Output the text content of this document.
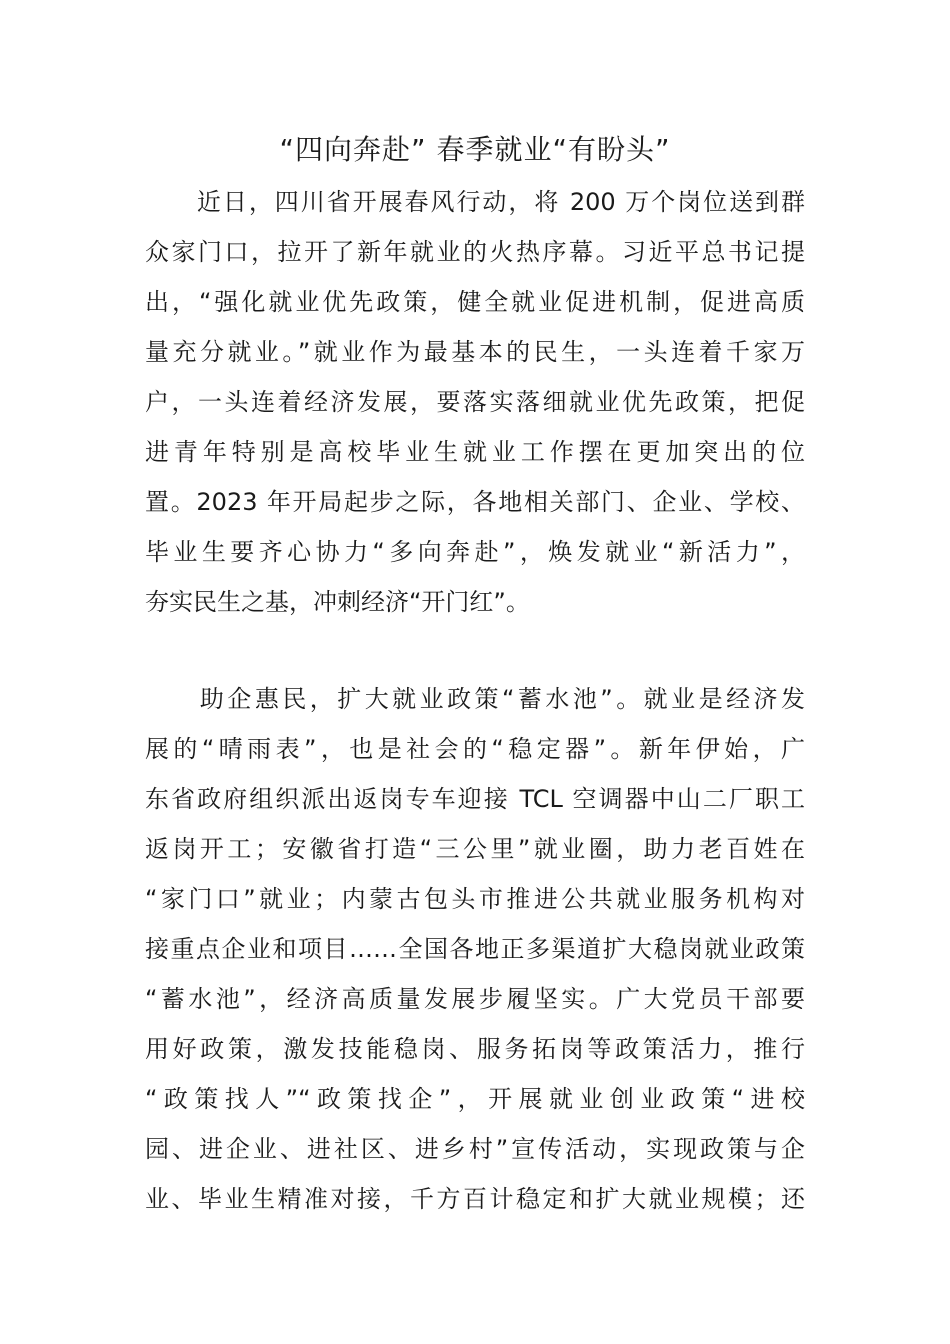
“四向奔赴” 春季就业“有盼头”
　　近日，四川省开展春风行动，将 200 万个岗位送到群
众家门口，拉开了新年就业的火热序幕。习近平总书记提
出，“强化就业优先政策，健全就业促进机制，促进高质
量充分就业。”就业作为最基本的民生，一头连着千家万
户，一头连着经济发展，要落实落细就业优先政策，把促
进青年特别是高校毕业生就业工作摆在更加突出的位
置。2023 年开局起步之际，各地相关部门、企业、学校、
毕业生要齐心协力“多向奔赴”，焕发就业“新活力”，
夯实民生之基，冲刺经济“开门红”。
　　助企惠民，扩大就业政策“蓄水池”。就业是经济发
展的“晴雨表”，也是社会的“稳定器”。新年伊始，广
东省政府组织派出返岗专车迎接 TCL 空调器中山二厂职工
返岗开工；安徽省打造“三公里”就业圈，助力老百姓在
“家门口”就业；内蒙古包头市推进公共就业服务机构对
接重点企业和项目……全国各地正多渠道扩大稳岗就业政策
“蓄水池”，经济高质量发展步履坚实。广大党员干部要
用好政策，激发技能稳岗、服务拓岗等政策活力，推行
“政策找人”“政策找企”，开展就业创业政策“进校
园、进企业、进社区、进乡村”宣传活动，实现政策与企
业、毕业生精准对接，千方百计稳定和扩大就业规模；还
